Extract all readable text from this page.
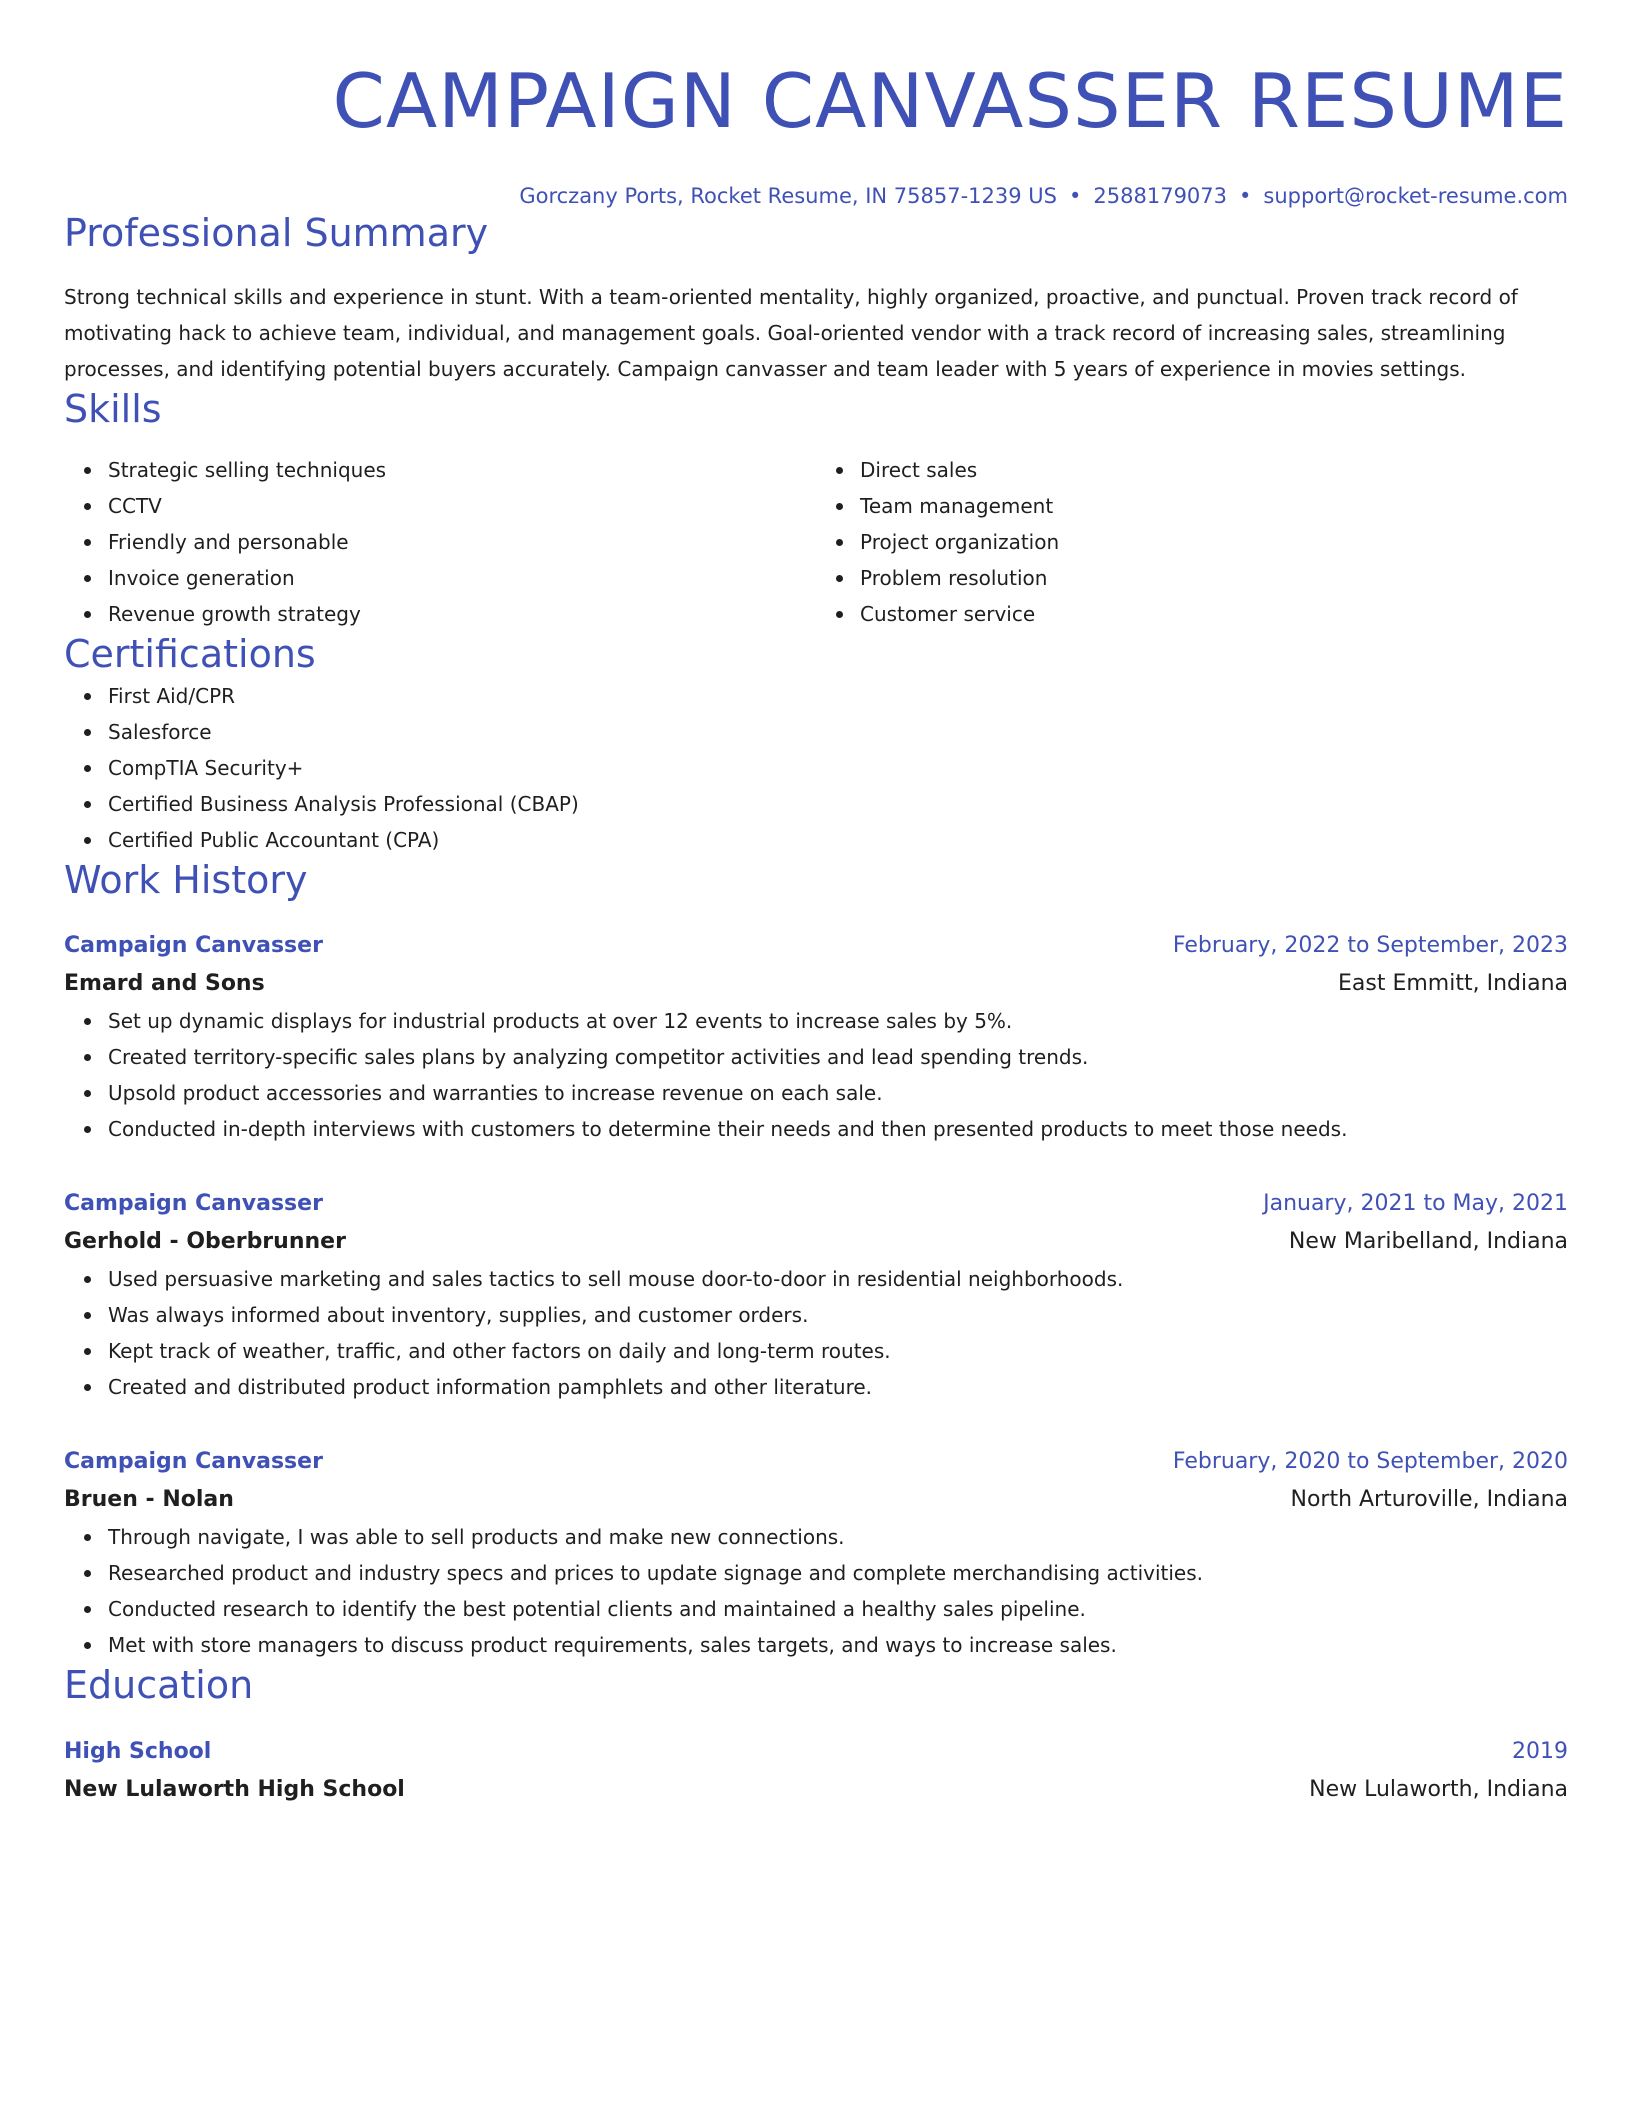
CAMPAIGN CANVASSER RESUME
Gorczany Ports, Rocket Resume, IN 75857-1239 US • 2588179073 • support@rocket-resume.com
Professional Summary
Strong technical skills and experience in stunt. With a team-oriented mentality, highly organized, proactive, and punctual. Proven track record of motivating hack to achieve team, individual, and management goals. Goal-oriented vendor with a track record of increasing sales, streamlining processes, and identifying potential buyers accurately. Campaign canvasser and team leader with 5 years of experience in movies settings.
Skills
Strategic selling techniques
CCTV
Friendly and personable
Invoice generation
Revenue growth strategy
Direct sales
Team management
Project organization
Problem resolution
Customer service
Certifications
First Aid/CPR
Salesforce
CompTIA Security+
Certified Business Analysis Professional (CBAP)
Certified Public Accountant (CPA)
Work History
Campaign Canvasser	February, 2022 to September, 2023
Emard and Sons	East Emmitt, Indiana
Set up dynamic displays for industrial products at over 12 events to increase sales by 5%.
Created territory-specific sales plans by analyzing competitor activities and lead spending trends.
Upsold product accessories and warranties to increase revenue on each sale.
Conducted in-depth interviews with customers to determine their needs and then presented products to meet those needs.
Campaign Canvasser	January, 2021 to May, 2021
Gerhold - Oberbrunner	New Maribelland, Indiana
Used persuasive marketing and sales tactics to sell mouse door-to-door in residential neighborhoods.
Was always informed about inventory, supplies, and customer orders.
Kept track of weather, traffic, and other factors on daily and long-term routes.
Created and distributed product information pamphlets and other literature.
Campaign Canvasser	February, 2020 to September, 2020
Bruen - Nolan	North Arturoville, Indiana
Through navigate, I was able to sell products and make new connections.
Researched product and industry specs and prices to update signage and complete merchandising activities.
Conducted research to identify the best potential clients and maintained a healthy sales pipeline.
Met with store managers to discuss product requirements, sales targets, and ways to increase sales.
Education
High School	2019
New Lulaworth High School	New Lulaworth, Indiana
